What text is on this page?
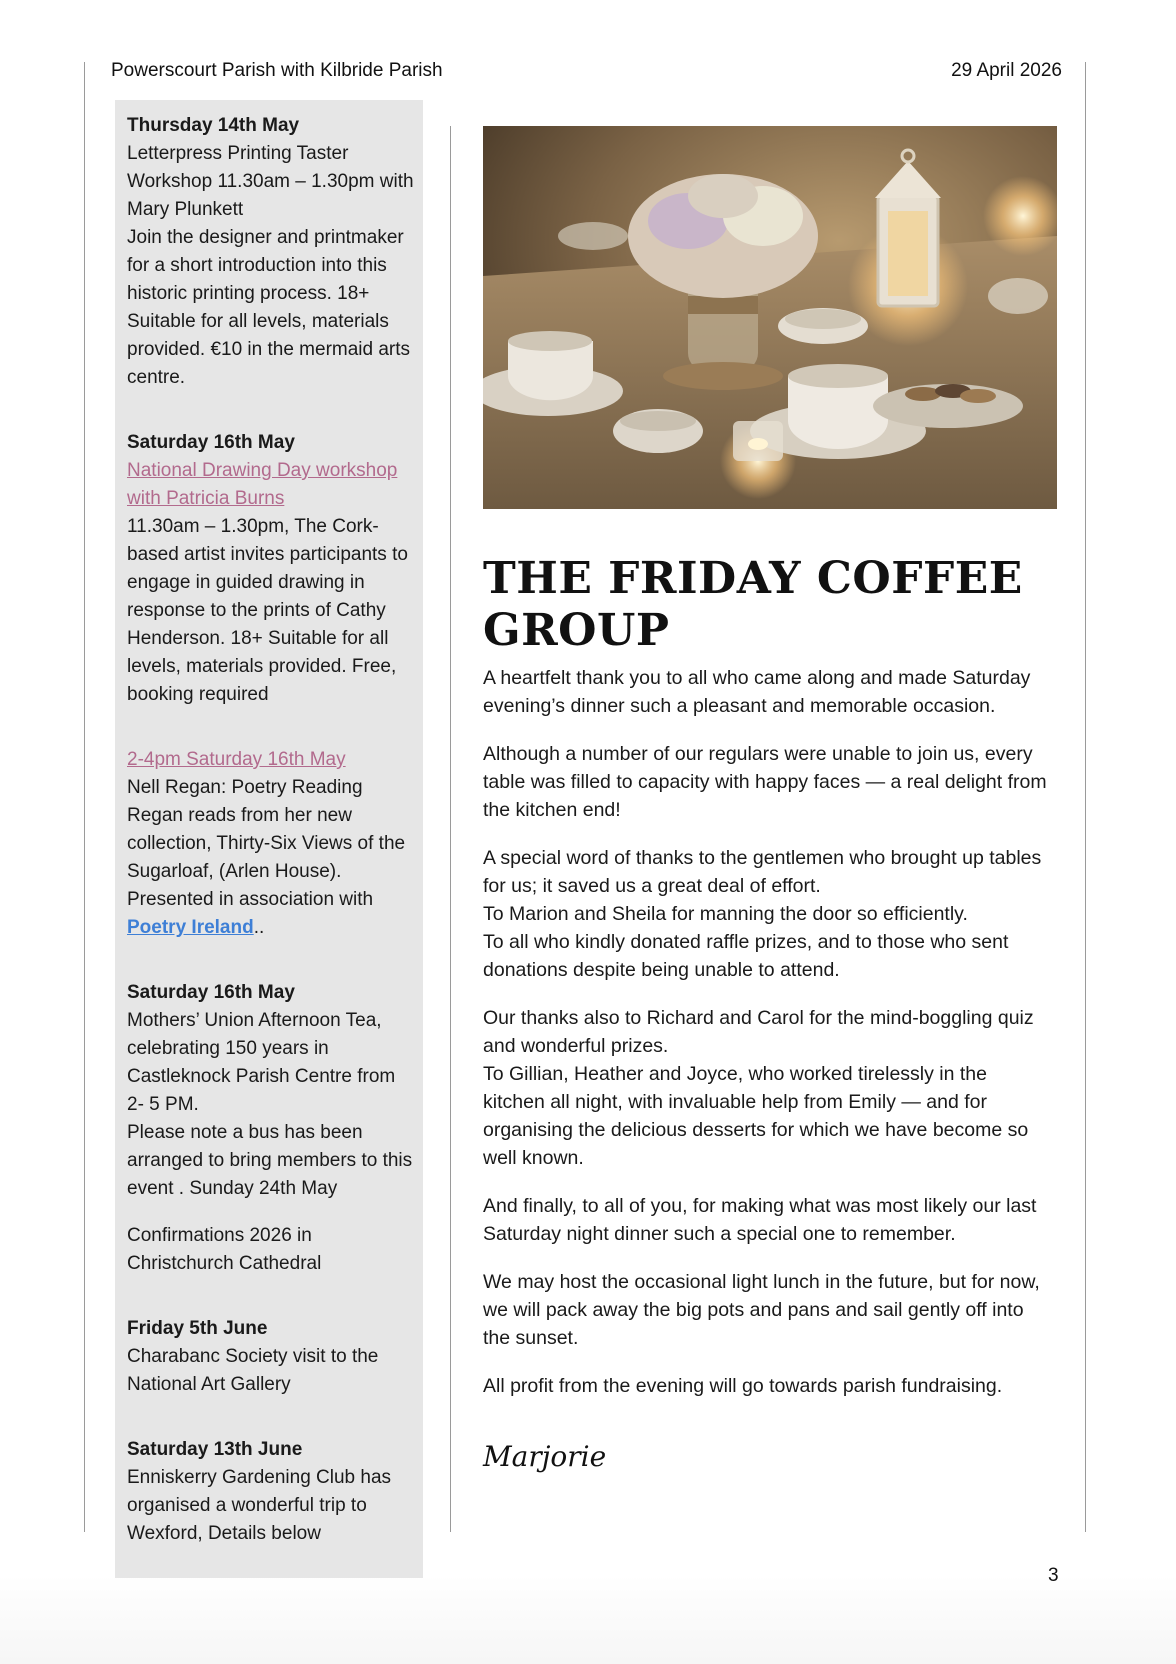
Powerscourt Parish with Kilbride Parish	29 April 2026

Thursday 14th May

Letterpress Printing Taster Workshop 11.30am – 1.30pm with Mary Plunkett

Join the designer and printmaker for a short introduction into this historic printing process. 18+ Suitable for all levels, materials provided. €10 in the mermaid arts centre.

Saturday 16th May

National Drawing Day workshop with Patricia Burns

11.30am – 1.30pm, The Cork-based artist invites participants to engage in guided drawing in response to the prints of Cathy Henderson. 18+ Suitable for all levels, materials provided. Free, booking required

2-4pm Saturday 16th May

Nell Regan: Poetry Reading Regan reads from her new collection, Thirty-Six Views of the Sugarloaf, (Arlen House). Presented in association with Poetry Ireland..

Saturday 16th May

Mothers’ Union Afternoon Tea, celebrating 150 years in Castleknock Parish Centre from 2- 5 PM.

Please note a bus has been arranged to bring members to this event . Sunday 24th May

Confirmations 2026 in Christchurch Cathedral

Friday 5th June

Charabanc Society visit to the National Art Gallery

Saturday 13th June

Enniskerry Gardening Club has organised a wonderful trip to Wexford, Details below

THE FRIDAY COFFEE GROUP

A heartfelt thank you to all who came along and made Saturday evening’s dinner such a pleasant and memorable occasion.

Although a number of our regulars were unable to join us, every table was filled to capacity with happy faces — a real delight from the kitchen end!

A special word of thanks to the gentlemen who brought up tables for us; it saved us a great deal of effort.
To Marion and Sheila for manning the door so efficiently.
To all who kindly donated raffle prizes, and to those who sent donations despite being unable to attend.

Our thanks also to Richard and Carol for the mind-boggling quiz and wonderful prizes.
To Gillian, Heather and Joyce, who worked tirelessly in the kitchen all night, with invaluable help from Emily — and for organising the delicious desserts for which we have become so well known.

And finally, to all of you, for making what was most likely our last Saturday night dinner such a special one to remember.

We may host the occasional light lunch in the future, but for now, we will pack away the big pots and pans and sail gently off into the sunset.

All profit from the evening will go towards parish fundraising.

Marjorie

3
